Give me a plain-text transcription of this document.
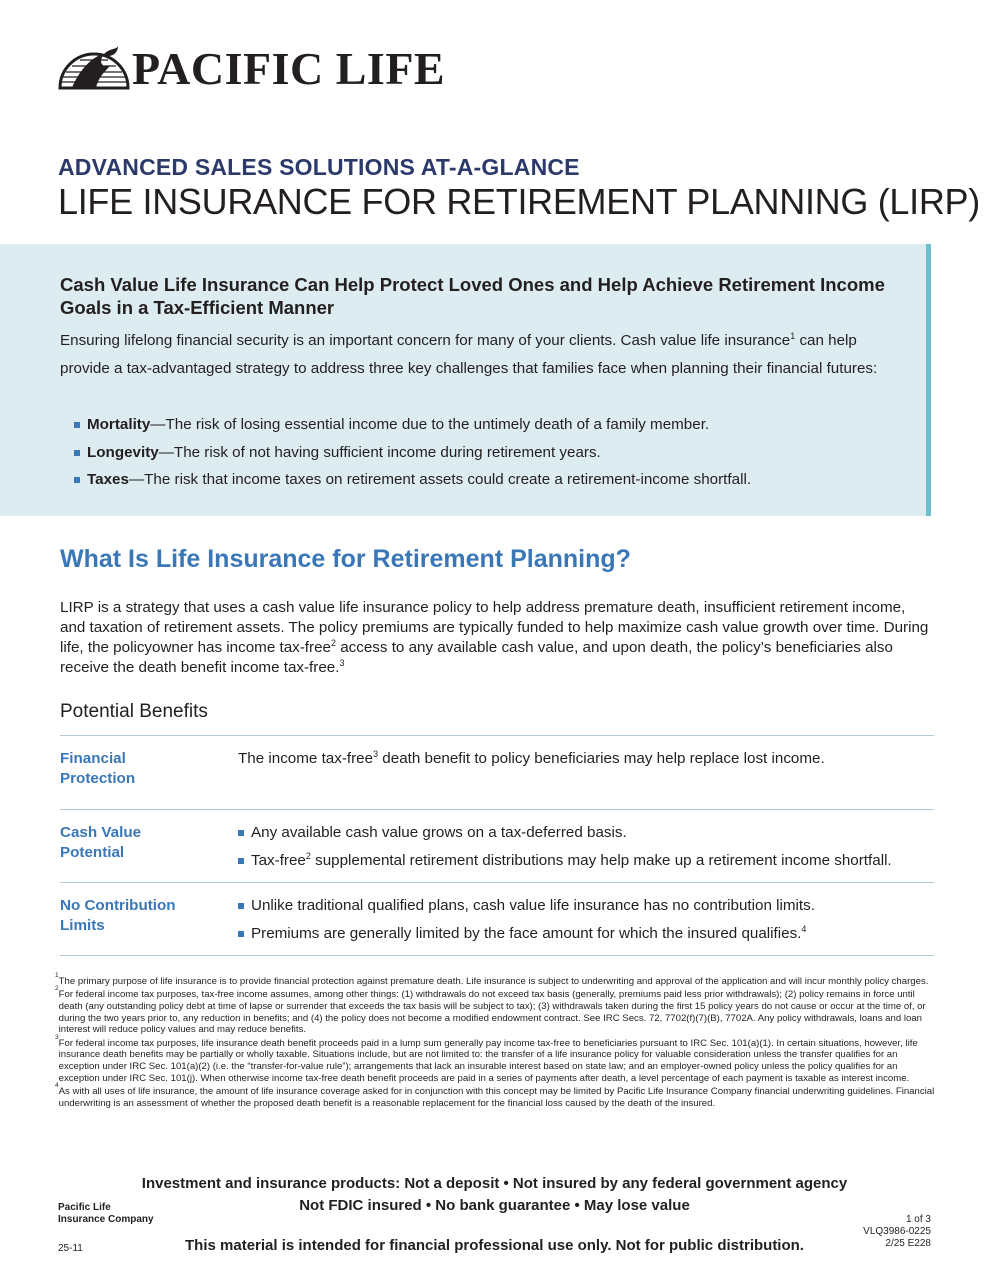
PACIFIC LIFE
ADVANCED SALES SOLUTIONS AT-A-GLANCE
LIFE INSURANCE FOR RETIREMENT PLANNING (LIRP)
Cash Value Life Insurance Can Help Protect Loved Ones and Help Achieve Retirement Income Goals in a Tax-Efficient Manner
Ensuring lifelong financial security is an important concern for many of your clients. Cash value life insurance$^1$ can help provide a tax-advantaged strategy to address three key challenges that families face when planning their financial futures:
Mortality—The risk of losing essential income due to the untimely death of a family member.
Longevity—The risk of not having sufficient income during retirement years.
Taxes—The risk that income taxes on retirement assets could create a retirement-income shortfall.
What Is Life Insurance for Retirement Planning?
LIRP is a strategy that uses a cash value life insurance policy to help address premature death, insufficient retirement income, and taxation of retirement assets. The policy premiums are typically funded to help maximize cash value growth over time. During life, the policyowner has income tax-free$^2$ access to any available cash value, and upon death, the policy’s beneficiaries also receive the death benefit income tax-free.$^3$
Potential Benefits
Financial
Protection
The income tax-free$^3$ death benefit to policy beneficiaries may help replace lost income.
Cash Value
Potential
Any available cash value grows on a tax-deferred basis.
Tax-free$^2$ supplemental retirement distributions may help make up a retirement income shortfall.
No Contribution
Limits
Unlike traditional qualified plans, cash value life insurance has no contribution limits.
Premiums are generally limited by the face amount for which the insured qualifies.$^4$
1
The primary purpose of life insurance is to provide financial protection against premature death. Life insurance is subject to underwriting and approval of the application and will incur monthly policy charges.
2
For federal income tax purposes, tax-free income assumes, among other things: (1) withdrawals do not exceed tax basis (generally, premiums paid less prior withdrawals); (2) policy remains in force until death (any outstanding policy debt at time of lapse or surrender that exceeds the tax basis will be subject to tax); (3) withdrawals taken during the first 15 policy years do not cause or occur at the time of, or during the two years prior to, any reduction in benefits; and (4) the policy does not become a modified endowment contract. See IRC Secs. 72, 7702(f)(7)(B), 7702A. Any policy withdrawals, loans and loan interest will reduce policy values and may reduce benefits.
3
For federal income tax purposes, life insurance death benefit proceeds paid in a lump sum generally pay income tax-free to beneficiaries pursuant to IRC Sec. 101(a)(1). In certain situations, however, life insurance death benefits may be partially or wholly taxable. Situations include, but are not limited to: the transfer of a life insurance policy for valuable consideration unless the transfer qualifies for an exception under IRC Sec. 101(a)(2) (i.e. the “transfer-for-value rule”); arrangements that lack an insurable interest based on state law; and an employer-owned policy unless the policy qualifies for an exception under IRC Sec. 101(j). When otherwise income tax-free death benefit proceeds are paid in a series of payments after death, a level percentage of each payment is taxable as interest income.
4
As with all uses of life insurance, the amount of life insurance coverage asked for in conjunction with this concept may be limited by Pacific Life Insurance Company financial underwriting guidelines. Financial underwriting is an assessment of whether the proposed death benefit is a reasonable replacement for the financial loss caused by the death of the insured.
Investment and insurance products: Not a deposit • Not insured by any federal government agency
Not FDIC insured • No bank guarantee • May lose value
Pacific Life
Insurance Company	1 of 3
VLQ3986-0225
2/25 E228
25-11	This material is intended for financial professional use only. Not for public distribution.
